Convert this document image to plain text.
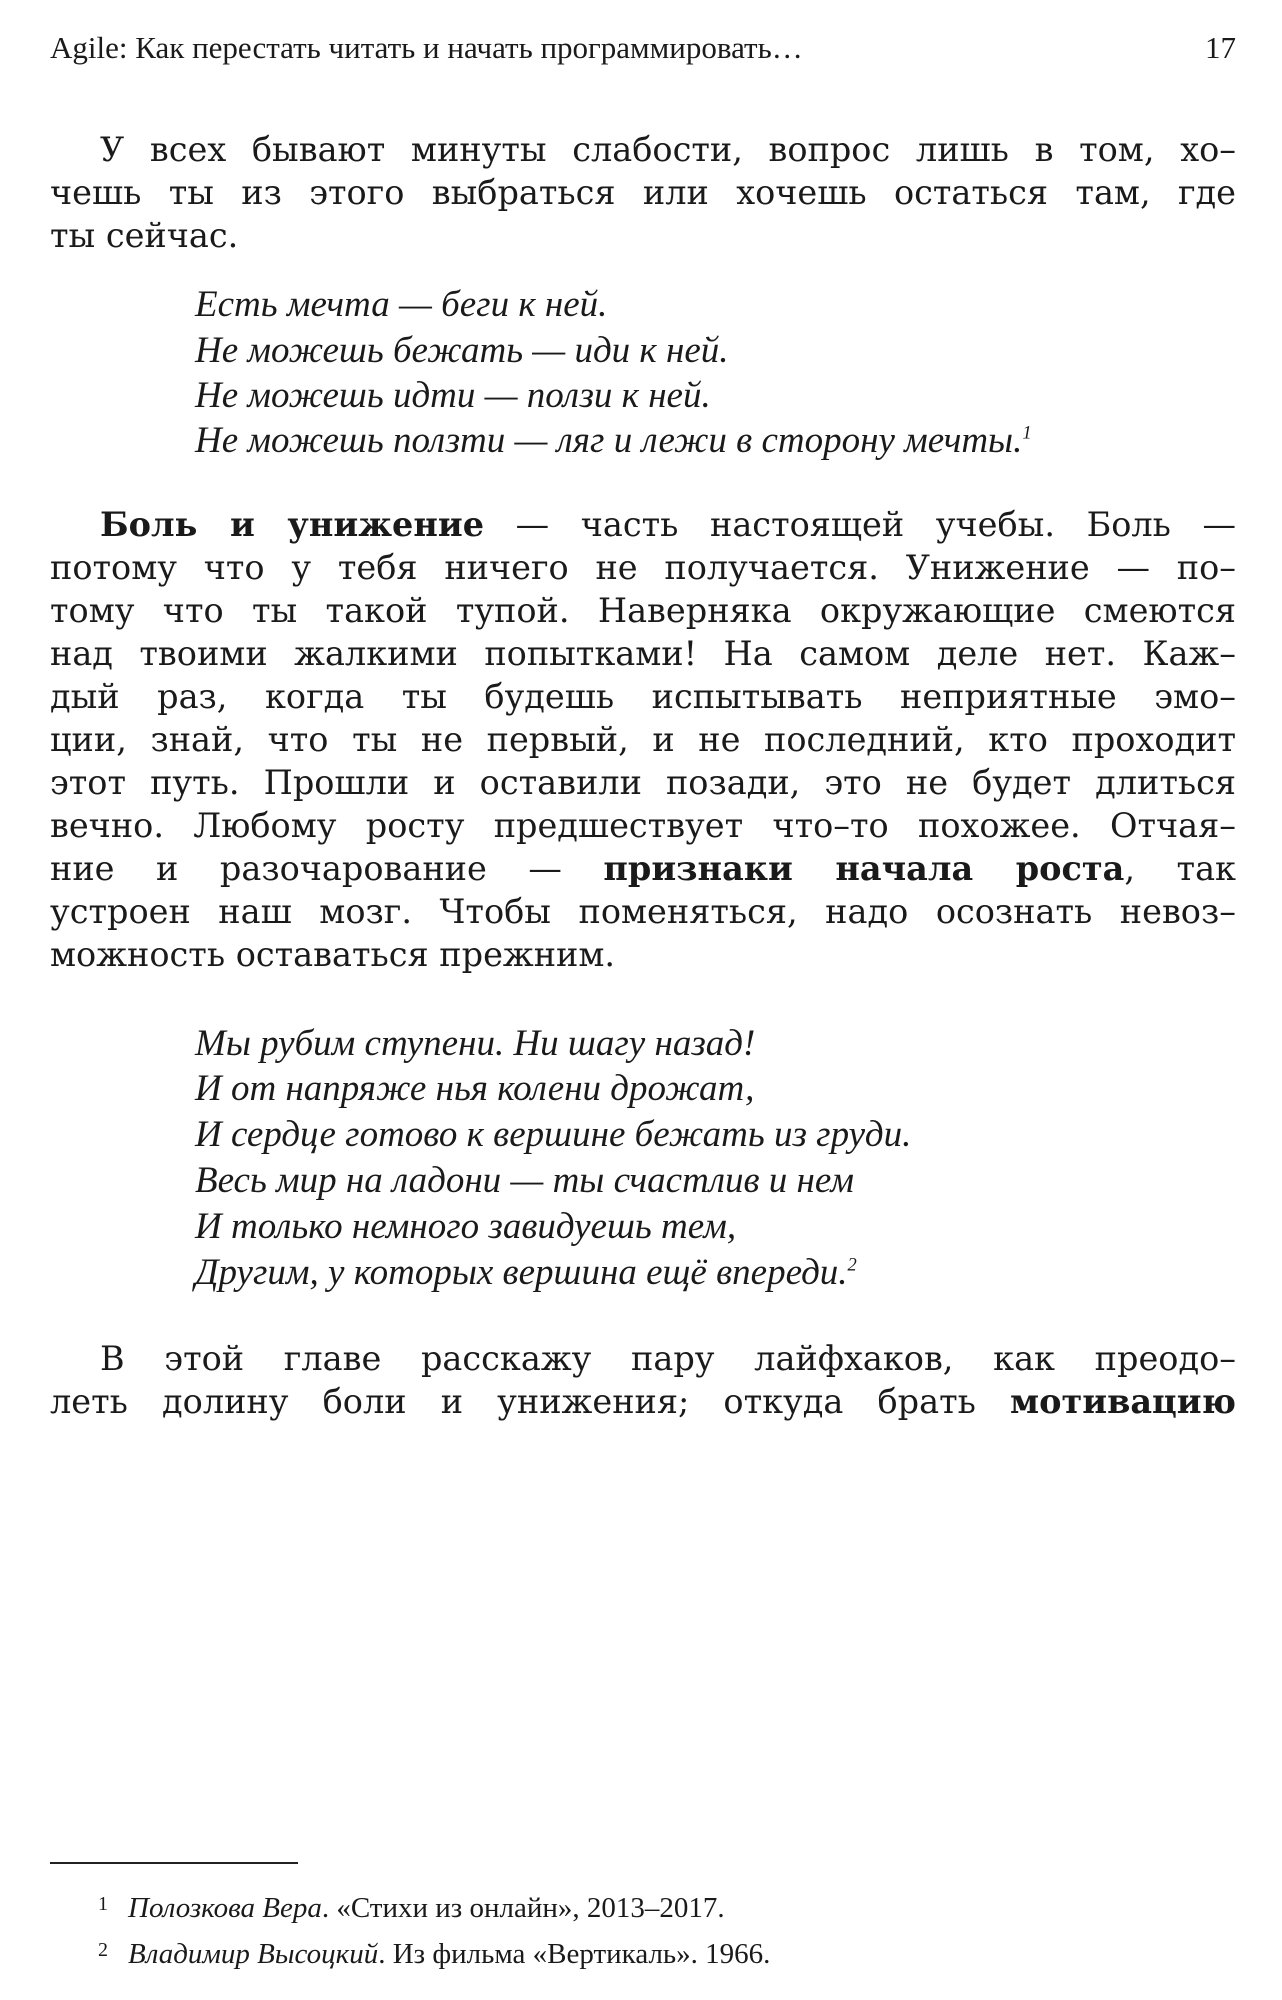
Agile: Как перестать читать и начать программировать…	17
У всех бывают минуты слабости, вопрос лишь в том, хо–
чешь ты из этого выбраться или хочешь остаться там, где
ты сейчас.
Есть мечта — беги к ней.
Не можешь бежать — иди к ней.
Не можешь идти — ползи к ней.
Не можешь ползти — ляг и лежи в сторону мечты.$^1$
Боль и унижение — часть настоящей учебы. Боль —
потому что у тебя ничего не получается. Унижение — по–
тому что ты такой тупой. Наверняка окружающие смеются
над твоими жалкими попытками! На самом деле нет. Каж–
дый раз, когда ты будешь испытывать неприятные эмо–
ции, знай, что ты не первый, и не последний, кто проходит
этот путь. Прошли и оставили позади, это не будет длиться
вечно. Любому росту предшествует что–то похожее. Отчая–
ние и разочарование — признаки начала роста, так
устроен наш мозг. Чтобы поменяться, надо осознать невоз–
можность оставаться прежним.
Мы рубим ступени. Ни шагу назад!
И от напряже нья колени дрожат,
И сердце готово к вершине бежать из груди.
Весь мир на ладони — ты счастлив и нем
И только немного завидуешь тем,
Другим, у которых вершина ещё впереди.$^2$
В этой главе расскажу пару лайфхаков, как преодо–
леть долину боли и унижения; откуда брать мотивацию
1 Полозкова Вера. «Стихи из онлайн», 2013–2017.
2 Владимир Высоцкий. Из фильма «Вертикаль». 1966.
